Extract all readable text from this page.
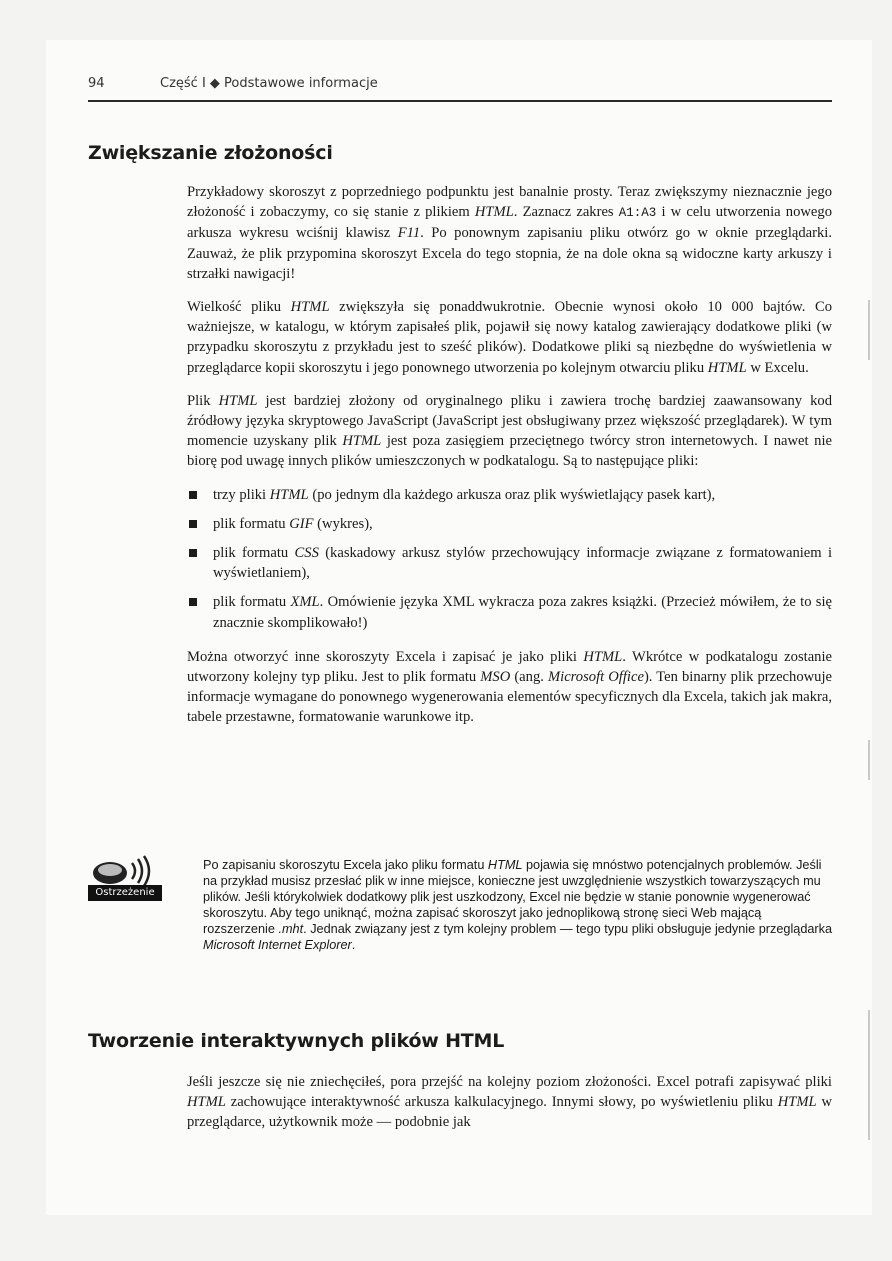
94	Część I ◆ Podstawowe informacje
Zwiększanie złożoności

Przykładowy skoroszyt z poprzedniego podpunktu jest banalnie prosty. Teraz zwiększymy nieznacznie jego złożoność i zobaczymy, co się stanie z plikiem HTML. Zaznacz zakres A1:A3 i w celu utworzenia nowego arkusza wykresu wciśnij klawisz F11. Po ponownym zapisaniu pliku otwórz go w oknie przeglądarki. Zauważ, że plik przypomina skoroszyt Excela do tego stopnia, że na dole okna są widoczne karty arkuszy i strzałki nawigacji!

Wielkość pliku HTML zwiększyła się ponaddwukrotnie. Obecnie wynosi około 10 000 bajtów. Co ważniejsze, w katalogu, w którym zapisałeś plik, pojawił się nowy katalog zawierający dodatkowe pliki (w przypadku skoroszytu z przykładu jest to sześć plików). Dodatkowe pliki są niezbędne do wyświetlenia w przeglądarce kopii skoroszytu i jego ponownego utworzenia po kolejnym otwarciu pliku HTML w Excelu.

Plik HTML jest bardziej złożony od oryginalnego pliku i zawiera trochę bardziej zaawansowany kod źródłowy języka skryptowego JavaScript (JavaScript jest obsługiwany przez większość przeglądarek). W tym momencie uzyskany plik HTML jest poza zasięgiem przeciętnego twórcy stron internetowych. I nawet nie biorę pod uwagę innych plików umieszczonych w podkatalogu. Są to następujące pliki:

trzy pliki HTML (po jednym dla każdego arkusza oraz plik wyświetlający pasek kart),
plik formatu GIF (wykres),
plik formatu CSS (kaskadowy arkusz stylów przechowujący informacje związane z formatowaniem i wyświetlaniem),
plik formatu XML. Omówienie języka XML wykracza poza zakres książki. (Przecież mówiłem, że to się znacznie skomplikowało!)

Można otworzyć inne skoroszyty Excela i zapisać je jako pliki HTML. Wkrótce w podkatalogu zostanie utworzony kolejny typ pliku. Jest to plik formatu MSO (ang. Microsoft Office). Ten binarny plik przechowuje informacje wymagane do ponownego wygenerowania elementów specyficznych dla Excela, takich jak makra, tabele przestawne, formatowanie warunkowe itp.

Ostrzeżenie

Po zapisaniu skoroszytu Excela jako pliku formatu HTML pojawia się mnóstwo potencjalnych problemów. Jeśli na przykład musisz przesłać plik w inne miejsce, konieczne jest uwzględnienie wszystkich towarzyszących mu plików. Jeśli którykolwiek dodatkowy plik jest uszkodzony, Excel nie będzie w stanie ponownie wygenerować skoroszytu. Aby tego uniknąć, można zapisać skoroszyt jako jednoplikową stronę sieci Web mającą rozszerzenie .mht. Jednak związany jest z tym kolejny problem — tego typu pliki obsługuje jedynie przeglądarka Microsoft Internet Explorer.

Tworzenie interaktywnych plików HTML

Jeśli jeszcze się nie zniechęciłeś, pora przejść na kolejny poziom złożoności. Excel potrafi zapisywać pliki HTML zachowujące interaktywność arkusza kalkulacyjnego. Innymi słowy, po wyświetleniu pliku HTML w przeglądarce, użytkownik może — podobnie jak
